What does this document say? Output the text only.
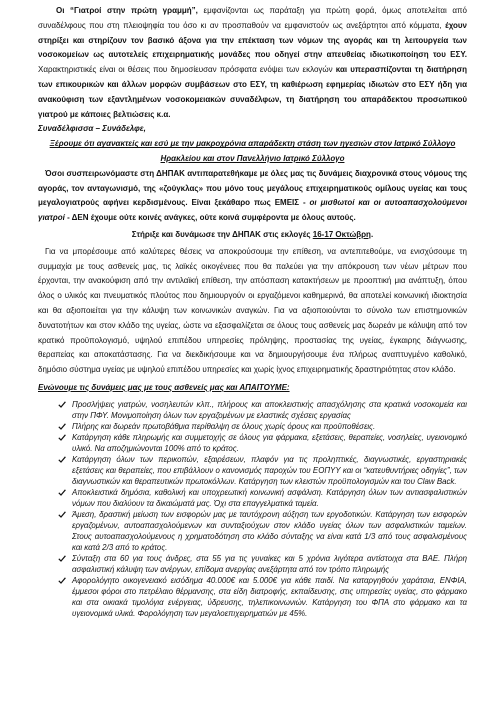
Οι “Γιατροί στην πρώτη γραμμή”, εμφανίζονται ως παράταξη για πρώτη φορά, όμως αποτελείται από συναδέλφους που στη πλειοψηφία του όσο κι αν προσπαθούν να εμφανιστούν ως ανεξάρτητοι από κόμματα, έχουν στηρίξει και στηρίζουν τον βασικό άξονα για την επέκταση των νόμων της αγοράς και τη λειτουργεία των νοσοκομείων ως αυτοτελείς επιχειρηματικής μονάδες που οδηγεί στην απευθείας ιδιωτικοποίηση του ΕΣΥ. Χαρακτηριστικές είναι οι θέσεις που δημοσίευσαν πρόσφατα ενόψει των εκλογών και υπερασπίζονται τη διατήρηση των επικουρικών και άλλων μορφών συμβάσεων στο ΕΣΥ, τη καθιέρωση εφημερίας ιδιωτών στο ΕΣΥ ήδη για ανακούφιση των εξαντλημένων νοσοκομειακών συναδέλφων, τη διατήρηση του απαράδεκτου προσωπικού γιατρού με κάποιες βελτιώσεις κ.α.

Συναδέλφισσα – Συνάδελφε,

Ξέρουμε ότι αγανακτείς και εσύ με την μακροχρόνια απαράδεκτη στάση των ηγεσιών στον Ιατρικό Σύλλογο Ηρακλείου και στον Πανελλήνιο Ιατρικό Σύλλογο

Όσοι συσπειρωνόμαστε στη ΔΗΠΑΚ αντιπαρατεθήκαμε με όλες μας τις δυνάμεις διαχρονικά στους νόμους της αγοράς, τον ανταγωνισμό, της «ζούγκλας» που μόνο τους μεγάλους επιχειρηματικούς ομίλους υγείας και τους μεγαλογιατρούς αφήνει κερδισμένους. Είναι ξεκάθαρο πως ΕΜΕΙΣ - οι μισθωτοί και οι αυτοαπασχολούμενοι γιατροί - ΔΕΝ έχουμε ούτε κοινές ανάγκες, ούτε κοινά συμφέροντα με όλους αυτούς.

Στήριξε και δυνάμωσε την ΔΗΠΑΚ στις εκλογές 16-17 Οκτώβρη.

Για να μπορέσουμε από καλύτερες θέσεις να αποκρούσουμε την επίθεση, να αντεπιτεθούμε, να ενισχύσουμε τη συμμαχία με τους ασθενείς μας, τις λαϊκές οικογένειες που θα παλεύει για την απόκρουση των νέων μέτρων που έρχονται, την ανακούφιση από την αντιλαϊκή επίθεση, την απόσπαση κατακτήσεων με προοπτική μια ανάπτυξη, όπου όλος ο υλικός και πνευματικός πλούτος που δημιουργούν οι εργαζόμενοι καθημερινά, θα αποτελεί κοινωνική ιδιοκτησία και θα αξιοποιείται για την κάλυψη των κοινωνικών αναγκών. Για να αξιοποιούνται το σύνολο των επιστημονικών δυνατοτήτων και στον κλάδο της υγείας, ώστε να εξασφαλίζεται σε όλους τους ασθενείς μας δωρεάν με κάλυψη από τον κρατικό προϋπολογισμό, υψηλού επιπέδου υπηρεσίες πρόληψης, προστασίας της υγείας, έγκαιρης διάγνωσης, θεραπείας και αποκατάστασης. Για να διεκδικήσουμε και να δημιουργήσουμε ένα πλήρως αναπτυγμένο καθολικό, δημόσιο σύστημα υγείας με υψηλού επιπέδου υπηρεσίες και χωρίς ίχνος επιχειρηματικής δραστηριότητας στον κλάδο.

Ενώνουμε τις δυνάμεις μας με τους ασθενείς μας και ΑΠΑΙΤΟΥΜΕ:

Προσλήψεις γιατρών, νοσηλευτών κλπ., πλήρους και αποκλειστικής απασχόλησης στα κρατικά νοσοκομεία και στην ΠΦΥ. Μονιμοποίηση όλων των εργαζομένων με ελαστικές σχέσεις εργασίας
Πλήρης και δωρεάν πρωτοβάθμια περίθαλψη σε όλους χωρίς όρους και προϋποθέσεις.
Κατάργηση κάθε πληρωμής και συμμετοχής σε όλους για φάρμακα, εξετάσεις, θεραπείες, νοσηλείες, υγειονομικό υλικό. Να αποζημιώνονται 100% από το κράτος.
Κατάργηση όλων των περικοπών, εξαιρέσεων, πλαφόν για τις προληπτικές, διαγνωστικές, εργαστηριακές εξετάσεις και θεραπείες, που επιβάλλουν ο κανονισμός παροχών του ΕΟΠΥΥ και οι “κατευθυντήριες οδηγίες”, των διαγνωστικών και θεραπευτικών πρωτοκόλλων. Κατάργηση των κλειστών προϋπολογισμών και του Claw Back.
Αποκλειστικά δημόσια, καθολική και υποχρεωτική κοινωνική ασφάλιση. Κατάργηση όλων των αντιασφαλιστικών νόμων που διαλύουν τα δικαιώματά μας. Όχι στα επαγγελματικά ταμεία.
Άμεση, δραστική μείωση των εισφορών μας με ταυτόχρονη αύξηση των εργοδοτικών. Κατάργηση των εισφορών εργαζομένων, αυτοαπασχολούμενων και συνταξιούχων στον κλάδο υγείας όλων των ασφαλιστικών ταμείων. Στους αυτοαπασχολούμενους η χρηματοδότηση στο κλάδο σύνταξης να είναι κατά 1/3 από τους ασφαλισμένους και κατά 2/3 από το κράτος.
Σύνταξη στα 60 για τους άνδρες, στα 55 για τις γυναίκες και 5 χρόνια λιγότερα αντίστοιχα στα ΒΑΕ. Πλήρη ασφαλιστική κάλυψη των ανέργων, επίδομα ανεργίας ανεξάρτητα από τον τρόπο πληρωμής
Αφορολόγητο οικογενειακό εισόδημα 40.000€ και 5.000€ για κάθε παιδί. Να καταργηθούν χαράτσια, ΕΝΦΙΑ, έμμεσοι φόροι στο πετρέλαιο θέρμανσης, στα είδη διατροφής, εκπαίδευσης, στις υπηρεσίες υγείας, στο φάρμακο και στα οικιακά τιμολόγια ενέργειας, ύδρευσης, τηλεπικοινωνιών. Κατάργηση του ΦΠΑ στο φάρμακο και τα υγειονομικά υλικά. Φορολόγηση των μεγαλοεπιχειρηματιών με 45%.
